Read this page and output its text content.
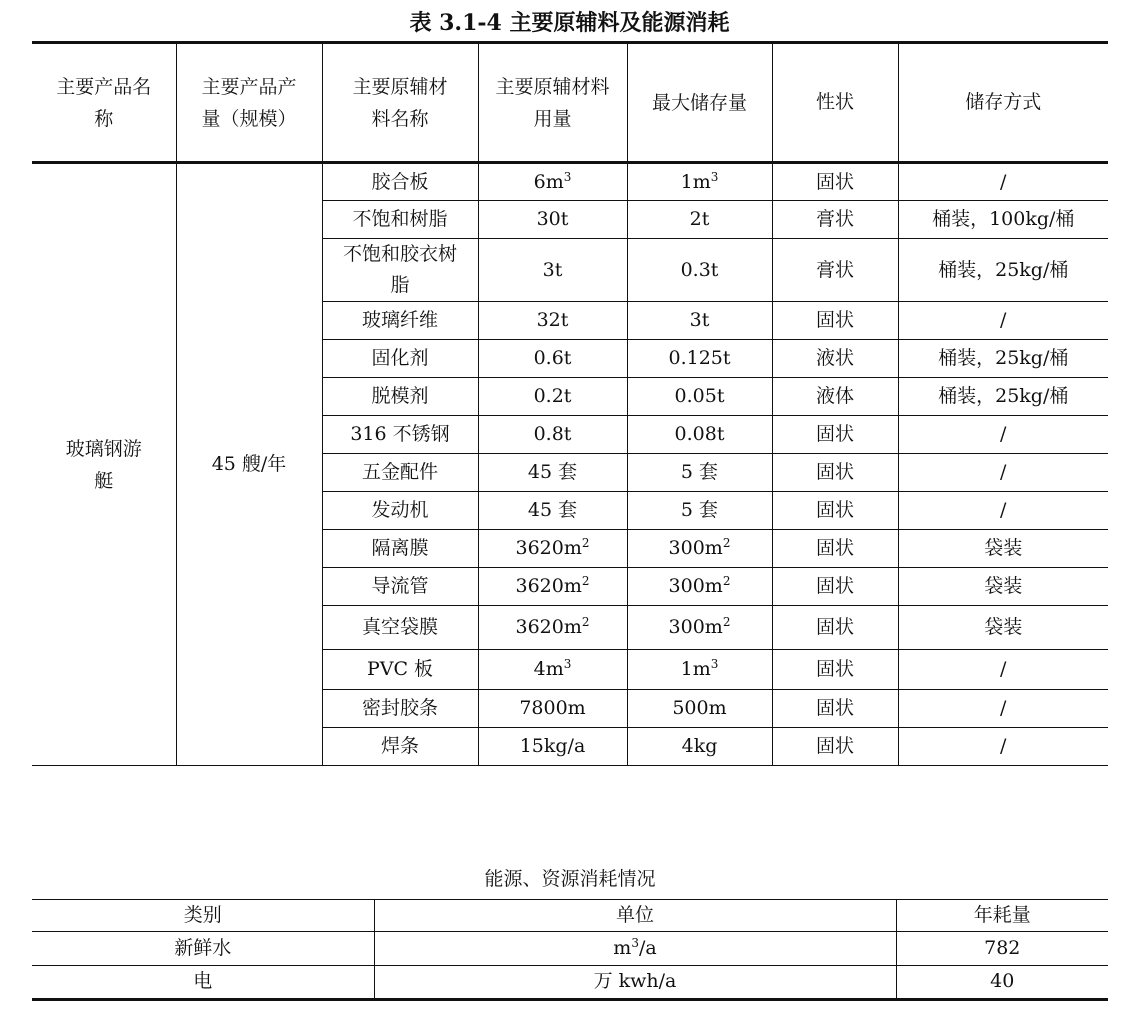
表 3.1-4 主要原辅料及能源消耗
主要产品名称	主要产品产量（规模）	主要原辅材料名称	主要原辅材料用量	最大储存量	性状	储存方式

玻璃钢游艇	45 艘/年	胶合板	$6m^3$	$1m^3$	固状	/

		不饱和树脂	30t	2t	膏状	桶装，100kg/桶

		不饱和胶衣树脂	3t	0.3t	膏状	桶装，25kg/桶

		玻璃纤维	32t	3t	固状	/

		固化剂	0.6t	0.125t	液状	桶装，25kg/桶

		脱模剂	0.2t	0.05t	液体	桶装，25kg/桶

		316 不锈钢	0.8t	0.08t	固状	/

		五金配件	45 套	5 套	固状	/

		发动机	45 套	5 套	固状	/

		隔离膜	$3620m^2$	$300m^2$	固状	袋装

		导流管	$3620m^2$	$300m^2$	固状	袋装

		真空袋膜	$3620m^2$	$300m^2$	固状	袋装

		PVC 板	$4m^3$	$1m^3$	固状	/

		密封胶条	7800m	500m	固状	/

		焊条	15kg/a	4kg	固状	/
能源、资源消耗情况		
类别	单位	年耗量
新鲜水	$m^3/a$	782
电	万 kwh/a	40
